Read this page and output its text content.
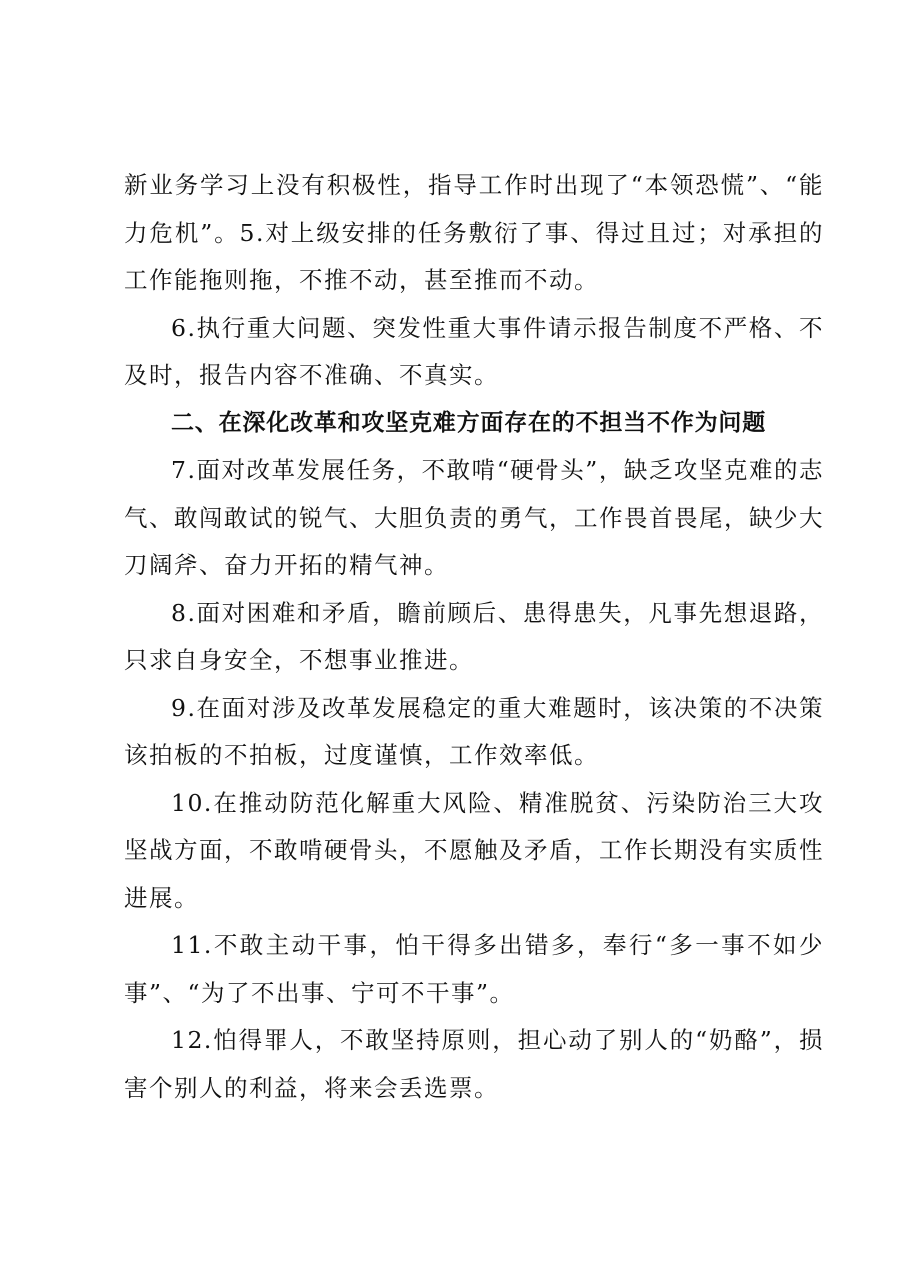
新业务学习上没有积极性，指导工作时出现了“本领恐慌”、“能力危机”。5.对上级安排的任务敷衍了事、得过且过；对承担的工作能拖则拖，不推不动，甚至推而不动。

6.执行重大问题、突发性重大事件请示报告制度不严格、不及时，报告内容不准确、不真实。

二、在深化改革和攻坚克难方面存在的不担当不作为问题

7.面对改革发展任务，不敢啃“硬骨头”，缺乏攻坚克难的志气、敢闯敢试的锐气、大胆负责的勇气，工作畏首畏尾，缺少大刀阔斧、奋力开拓的精气神。

8.面对困难和矛盾，瞻前顾后、患得患失，凡事先想退路，只求自身安全，不想事业推进。

9.在面对涉及改革发展稳定的重大难题时，该决策的不决策该拍板的不拍板，过度谨慎，工作效率低。

10.在推动防范化解重大风险、精准脱贫、污染防治三大攻坚战方面，不敢啃硬骨头，不愿触及矛盾，工作长期没有实质性进展。

11.不敢主动干事，怕干得多出错多，奉行“多一事不如少事”、“为了不出事、宁可不干事”。

12.怕得罪人，不敢坚持原则，担心动了别人的“奶酪”，损害个别人的利益，将来会丢选票。
